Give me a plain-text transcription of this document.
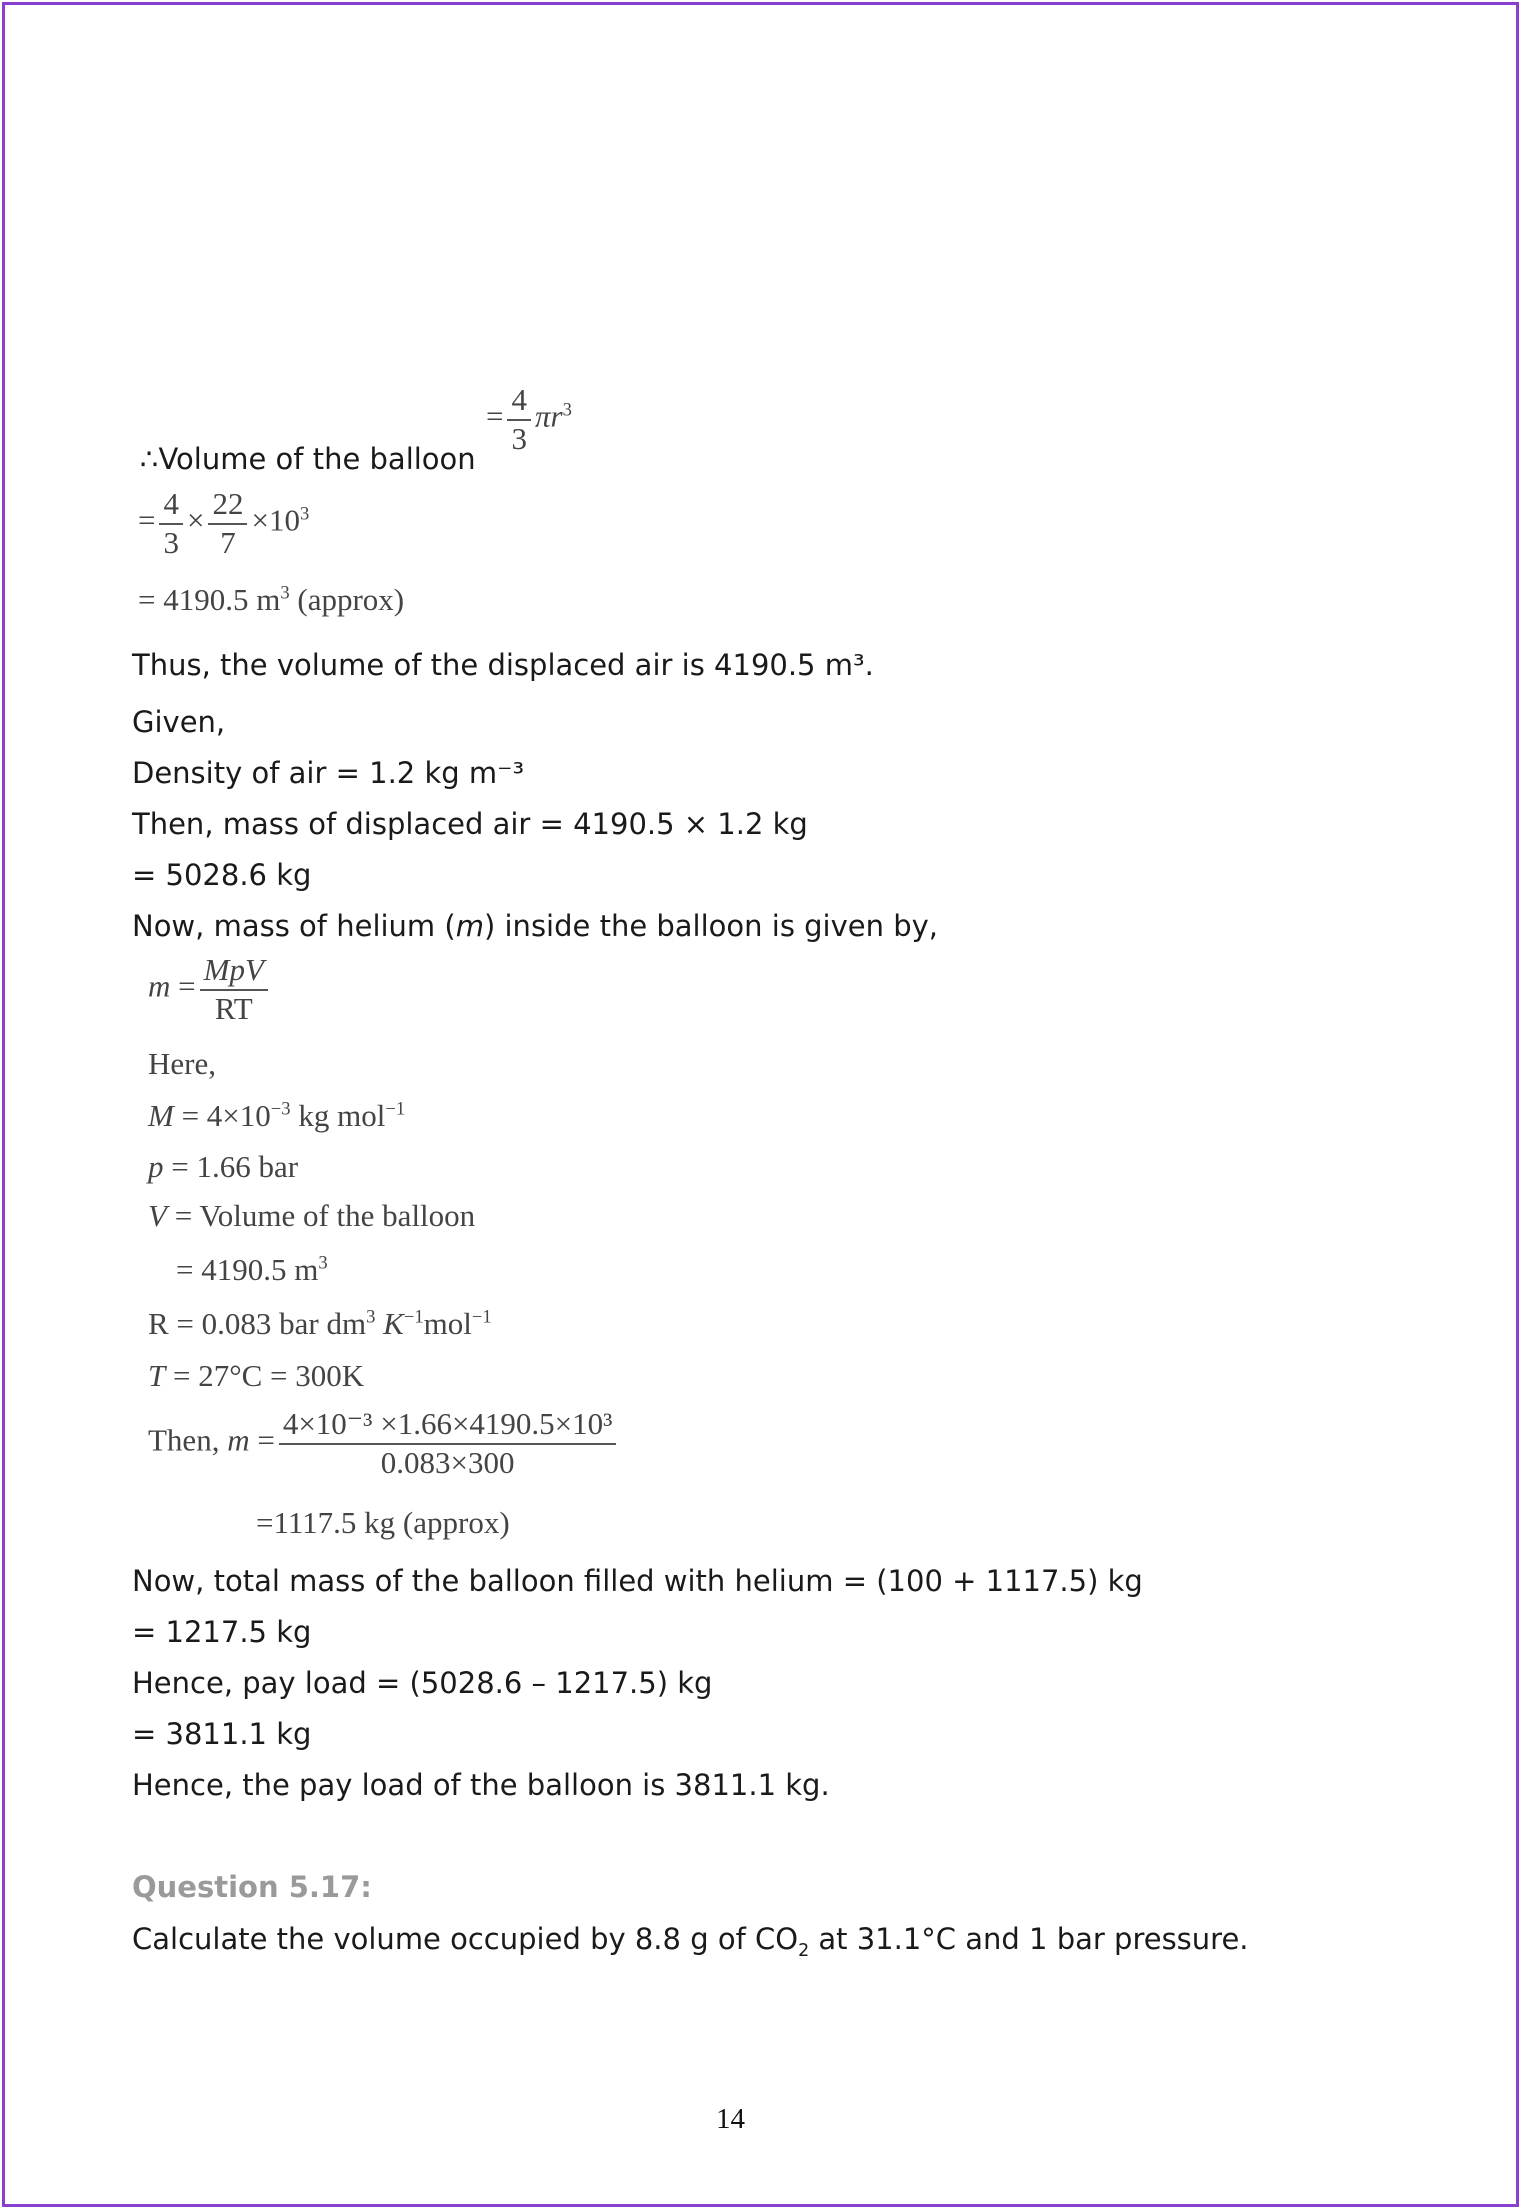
= $\frac{4}{3} \pi r^3$
∴Volume of the balloon
= $\frac{4}{3} \times \frac{22}{7} \times 10^3$
= 4190.5 $m^3$ (approx)
Thus, the volume of the displaced air is 4190.5 m³.
Given,
Density of air = 1.2 kg m⁻³
Then, mass of displaced air = 4190.5 × 1.2 kg
= 5028.6 kg
Now, mass of helium (m) inside the balloon is given by,
$m = \frac{\text{MpV}}{RT}$
Here,
$M = 4\times 10^{-3}$ kg mol$^{-1}$
p = 1.66 bar
V = Volume of the balloon
= 4190.5 $m^3$
R = 0.083 bar $dm^3$ $K^{-1}mol^{-1}$
T = 27°C = 300K
Then, $m = \frac{\text{4×10⁻³ ×1.66×4190.5×10³}}{0.083\times 300}$
=1117.5 kg (approx)
Now, total mass of the balloon filled with helium = (100 + 1117.5) kg
= 1217.5 kg
Hence, pay load = (5028.6 – 1217.5) kg
= 3811.1 kg
Hence, the pay load of the balloon is 3811.1 kg.
Question 5.17:
Calculate the volume occupied by 8.8 g of $CO_2$ at 31.1°C and 1 bar pressure.
14
